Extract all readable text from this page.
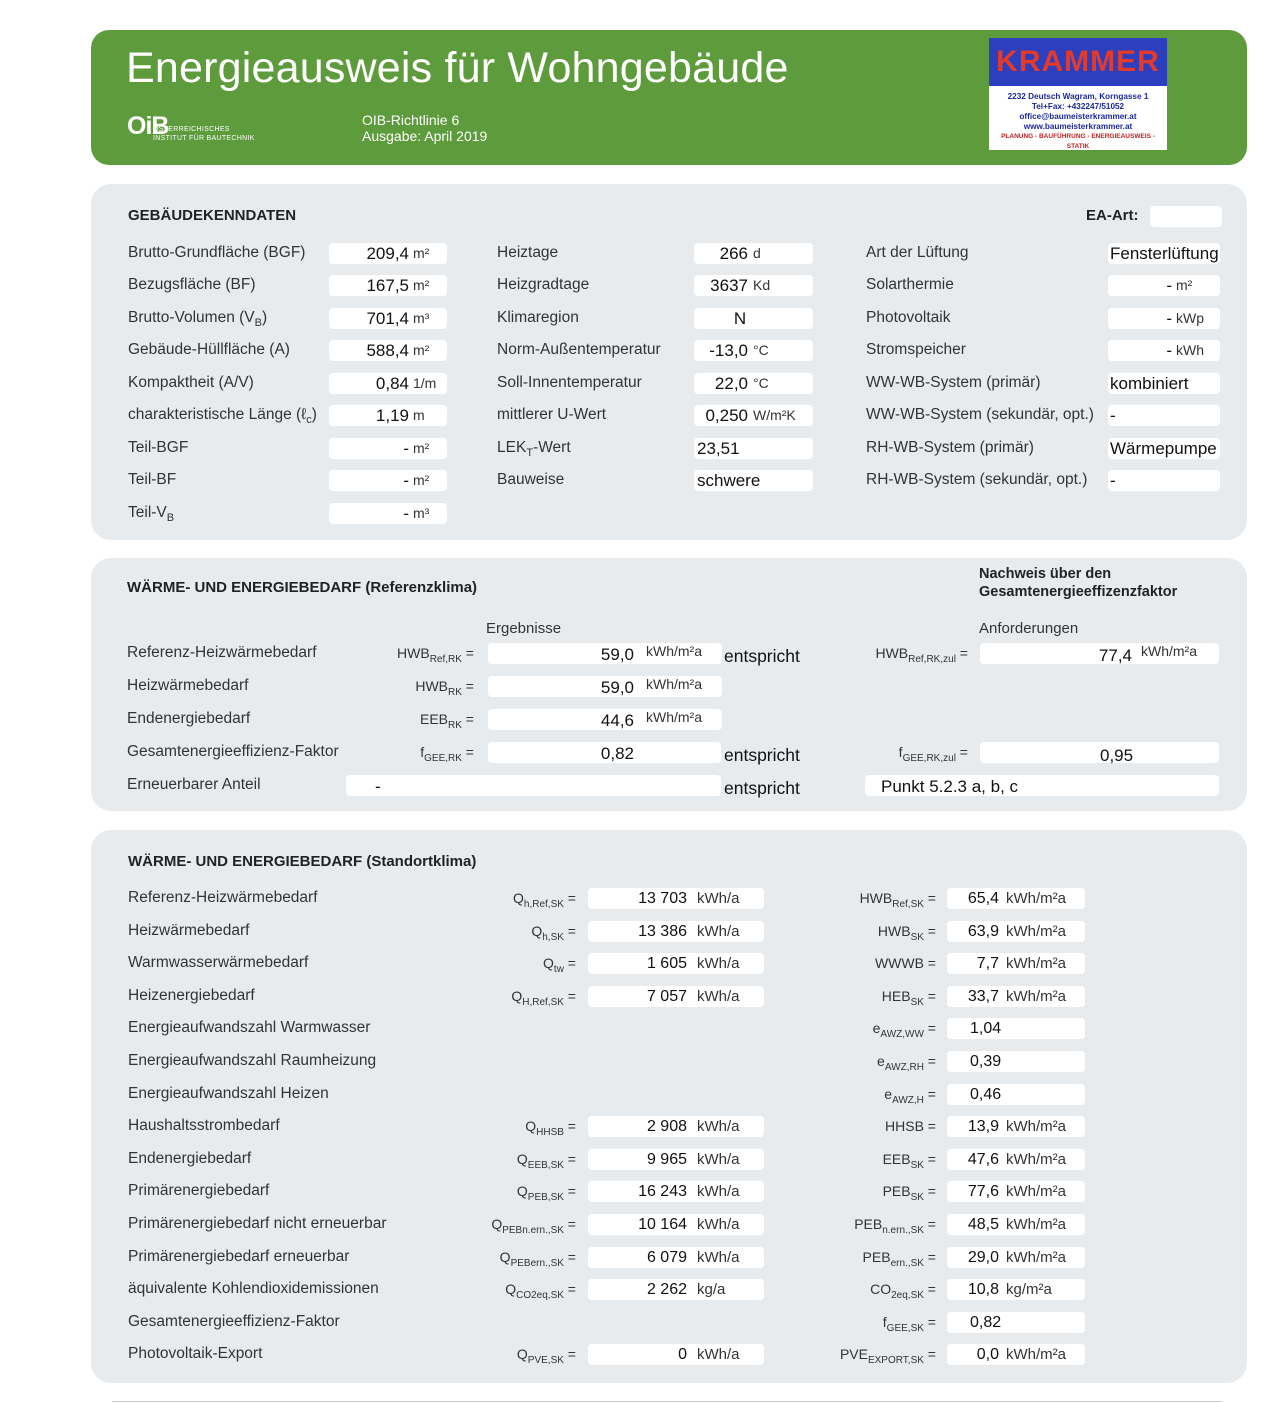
Energieausweis für Wohngebäude
OiB
ÖSTERREICHISCHES
INSTITUT FÜR BAUTECHNIK
OIB-Richtlinie 6
Ausgabe: April 2019
KRAMMER
2232 Deutsch Wagram, Korngasse 1
Tel+Fax: +432247/51052
office@baumeisterkrammer.at
www.baumeisterkrammer.at
PLANUNG - BAUFÜHRUNG - ENERGIEAUSWEIS - STATIK
GEBÄUDEKENNDATEN	EA-Art:
Brutto-Grundfläche (BGF)	209,4 m²
Bezugsfläche (BF)	167,5 m²
Brutto-Volumen $(V_B)$	701,4 m³
Gebäude-Hüllfläche (A)	588,4 m²
Kompaktheit (A/V)	0,84 1/m
charakteristische Länge (ℓ$_c$)	1,19 m
Teil-BGF	- m²
Teil-BF	- m²
Teil-$V_B$	- m³
Heiztage	266 d
Heizgradtage	3637 Kd
Klimaregion	N
Norm-Außentemperatur	-13,0 °C
Soll-Innentemperatur	22,0 °C
mittlerer U-Wert	0,250 W/m²K
$LEK_T$-Wert	23,51
Bauweise	schwere
Art der Lüftung	Fensterlüftung
Solarthermie	- m²
Photovoltaik	- kWp
Stromspeicher	- kWh
WW-WB-System (primär)	kombiniert
WW-WB-System (sekundär, opt.) -
RH-WB-System (primär)	Wärmepumpe
RH-WB-System (sekundär, opt.) -
WÄRME- UND ENERGIEBEDARF (Referenzklima)
Nachweis über den
Gesamtenergieeffizenzfaktor
Ergebnisse	Anforderungen
Referenz-Heizwärmebedarf	$HWB_{Ref,RK}$ =	59,0 kWh/m²a entspricht	$HWB_{Ref,RK,zul}$ =	77,4 kWh/m²a
Heizwärmebedarf	$HWB_{RK}$ =	59,0 kWh/m²a
Endenergiebedarf	$EEB_{RK}$ =	44,6 kWh/m²a
Gesamtenergieeffizienz-Faktor	$f_{GEE,RK}$ =	0,82	entspricht	$f_{GEE,RK,zul}$ =	0,95
Erneuerbarer Anteil	-	entspricht	Punkt 5.2.3 a, b, c
WÄRME- UND ENERGIEBEDARF (Standortklima)
Referenz-Heizwärmebedarf	$Q_{h,Ref,SK}$ =	13 703 kWh/a	$HWB_{Ref,SK}$ =	65,4 kWh/m²a
Heizwärmebedarf	$Q_{h,SK}$ =	13 386 kWh/a	$HWB_{SK}$ =	63,9 kWh/m²a
Warmwasserwärmebedarf	$Q_{tw}$ =	1 605 kWh/a	WWWB =	7,7 kWh/m²a
Heizenergiebedarf	$Q_{H,Ref,SK}$ =	7 057 kWh/a	$HEB_{SK}$ =	33,7 kWh/m²a
Energieaufwandszahl Warmwasser	$e_{AWZ,WW} = 1,04$
Energieaufwandszahl Raumheizung	$e_{AWZ,RH} = 0,39$
Energieaufwandszahl Heizen	$e_{AWZ,H} = 0,46$
Haushaltsstrombedarf	$Q_{HHSB}$ =	2 908 kWh/a	HHSB =	13,9 kWh/m²a
Endenergiebedarf	$Q_{EEB,SK}$ =	9 965 kWh/a	$EEB_{SK}$ =	47,6 kWh/m²a
Primärenergiebedarf	$Q_{PEB,SK}$ =	16 243 kWh/a	$PEB_{SK}$ =	77,6 kWh/m²a
Primärenergiebedarf nicht erneuerbar	$Q_{PEBn.ern.,SK}$ =	10 164 kWh/a	$PEB_{n.ern.,SK}$ =	48,5 kWh/m²a
Primärenergiebedarf erneuerbar	$Q_{PEBern.,SK}$ =	6 079 kWh/a	$PEB_{ern.,SK}$ =	29,0 kWh/m²a
äquivalente Kohlendioxidemissionen	$Q_{CO2eq,SK}$ =	2 262 kg/a	$CO_{2eq,SK}$ =	10,8 kg/m²a
Gesamtenergieeffizienz-Faktor	$f_{GEE,SK} = 0,82$
Photovoltaik-Export	$Q_{PVE,SK}$ =	0 kWh/a	$PVE_{EXPORT,SK}$ =	0,0 kWh/m²a
